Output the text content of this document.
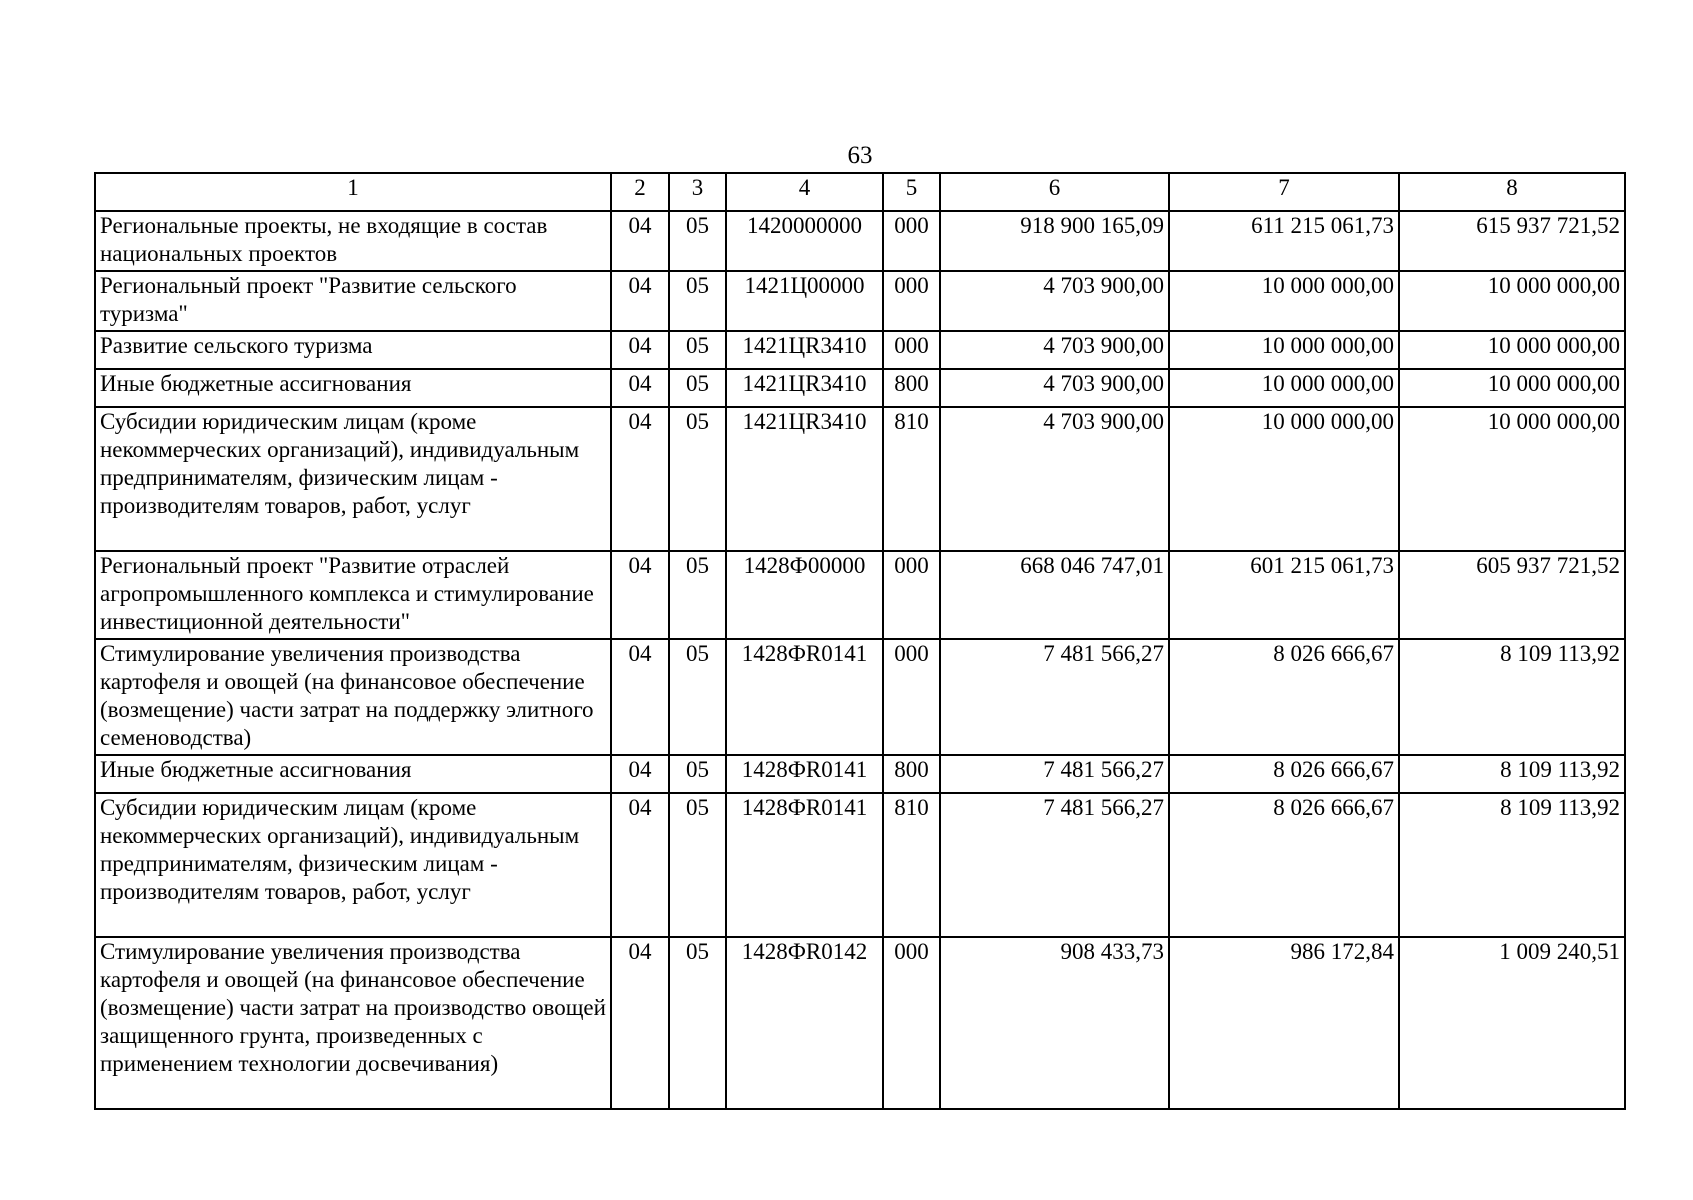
63
1	2	3	4	5	6	7	8
Региональные проекты, не входящие в состав национальных проектов	04	05	1420000000	000	918 900 165,09	611 215 061,73	615 937 721,52
Региональный проект "Развитие сельского туризма"	04	05	1421Ц00000	000	4 703 900,00	10 000 000,00	10 000 000,00
Развитие сельского туризма	04	05	1421ЦR3410	000	4 703 900,00	10 000 000,00	10 000 000,00
Иные бюджетные ассигнования	04	05	1421ЦR3410	800	4 703 900,00	10 000 000,00	10 000 000,00
Субсидии юридическим лицам (кроме некоммерческих организаций), индивидуальным предпринимателям, физическим лицам - производителям товаров, работ, услуг	04	05	1421ЦR3410	810	4 703 900,00	10 000 000,00	10 000 000,00
Региональный проект "Развитие отраслей агропромышленного комплекса и стимулирование инвестиционной деятельности"	04	05	1428Ф00000	000	668 046 747,01	601 215 061,73	605 937 721,52
Стимулирование увеличения производства картофеля и овощей (на финансовое обеспечение (возмещение) части затрат на поддержку элитного семеноводства)	04	05	1428ФR0141	000	7 481 566,27	8 026 666,67	8 109 113,92
Иные бюджетные ассигнования	04	05	1428ФR0141	800	7 481 566,27	8 026 666,67	8 109 113,92
Субсидии юридическим лицам (кроме некоммерческих организаций), индивидуальным предпринимателям, физическим лицам - производителям товаров, работ, услуг	04	05	1428ФR0141	810	7 481 566,27	8 026 666,67	8 109 113,92
Стимулирование увеличения производства картофеля и овощей (на финансовое обеспечение (возмещение) части затрат на производство овощей защищенного грунта, произведенных с применением технологии досвечивания)	04	05	1428ФR0142	000	908 433,73	986 172,84	1 009 240,51
